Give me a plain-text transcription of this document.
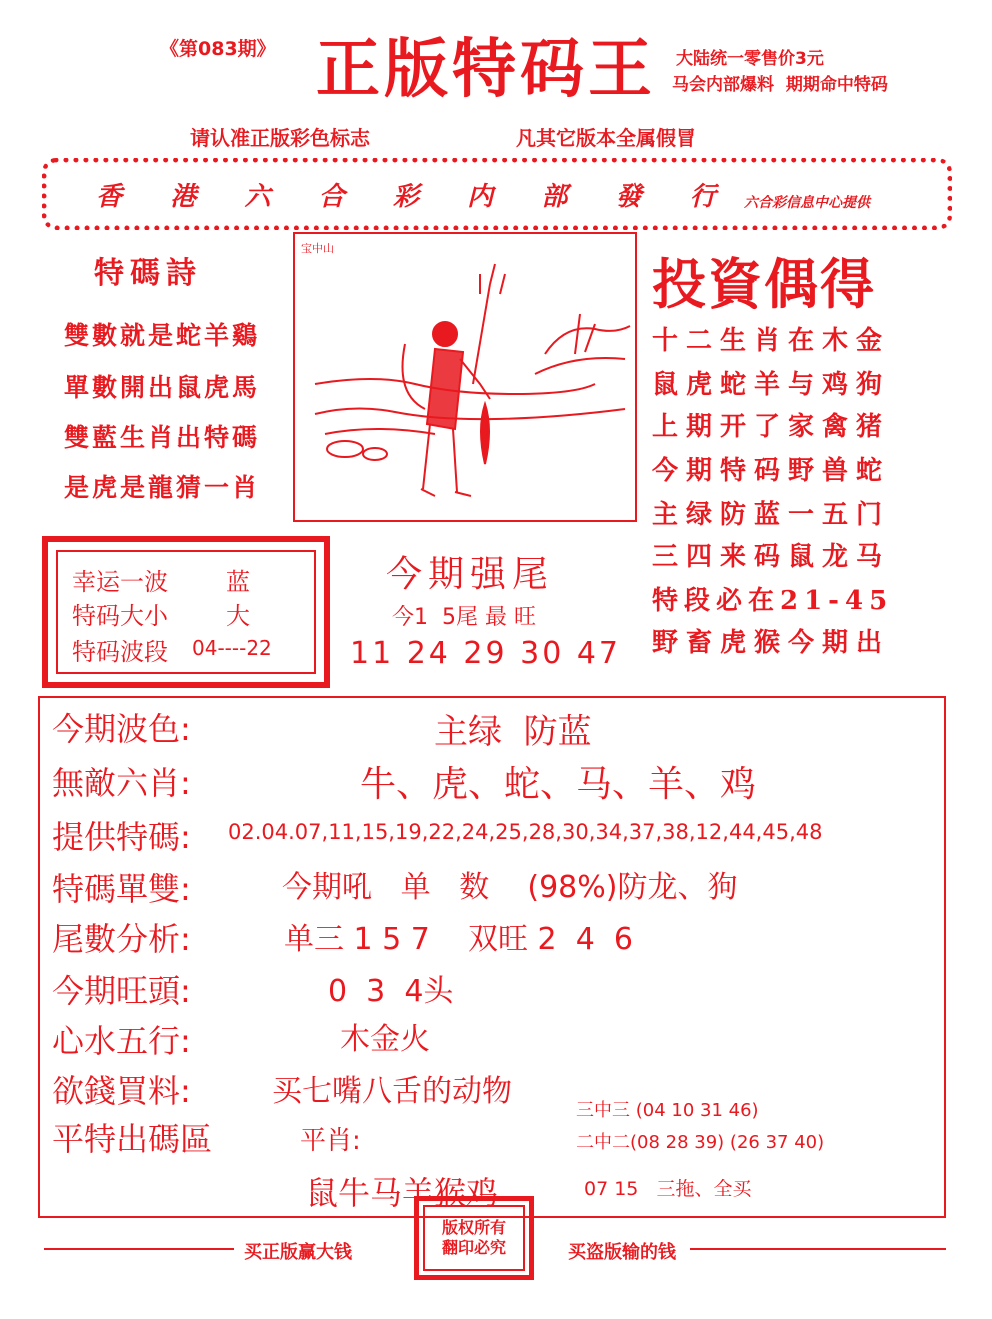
《第083期》 正版特码王 大陆统一零售价3元
马会内部爆料  期期命中特码
请认准正版彩色标志	凡其它版本全属假冒
香 港 六 合 彩 内 部 發 行 六合彩信息中心提供
特碼詩
雙數就是蛇羊鷄
單數開出鼠虎馬
雙藍生肖出特碼
是虎是龍猜一肖
宝中山
投資偶得
十二生肖在木金
鼠虎蛇羊与鸡狗
上期开了家禽猪
今期特码野兽蛇
主绿防蓝一五门
三四来码鼠龙马
特段必在21-45
野畜虎猴今期出
幸运一波 蓝
特码大小 大
特码波段 04----22
今期强尾
今1  5尾 最 旺
11 24 29 30 47
今期波色:	主绿  防蓝
無敵六肖:	牛、虎、蛇、马、羊、鸡
提供特碼: 02.04.07,11,15,19,22,24,25,28,30,34,37,38,12,44,45,48
特碼單雙:	今期吼   单   数    (98%)防龙、狗
尾數分析:	单三 1 5 7    双旺 2  4  6
今期旺頭:	0  3  4头
心水五行:	木金火
欲錢買料:	买七嘴八舌的动物
平特出碼區	平肖:
三中三 (04 10 31 46)
二中二(08 28 39) (26 37 40)
鼠牛马羊猴鸡	07 15   三拖、全买
买正版赢大钱
版权所有
翻印必究	买盗版输的钱
